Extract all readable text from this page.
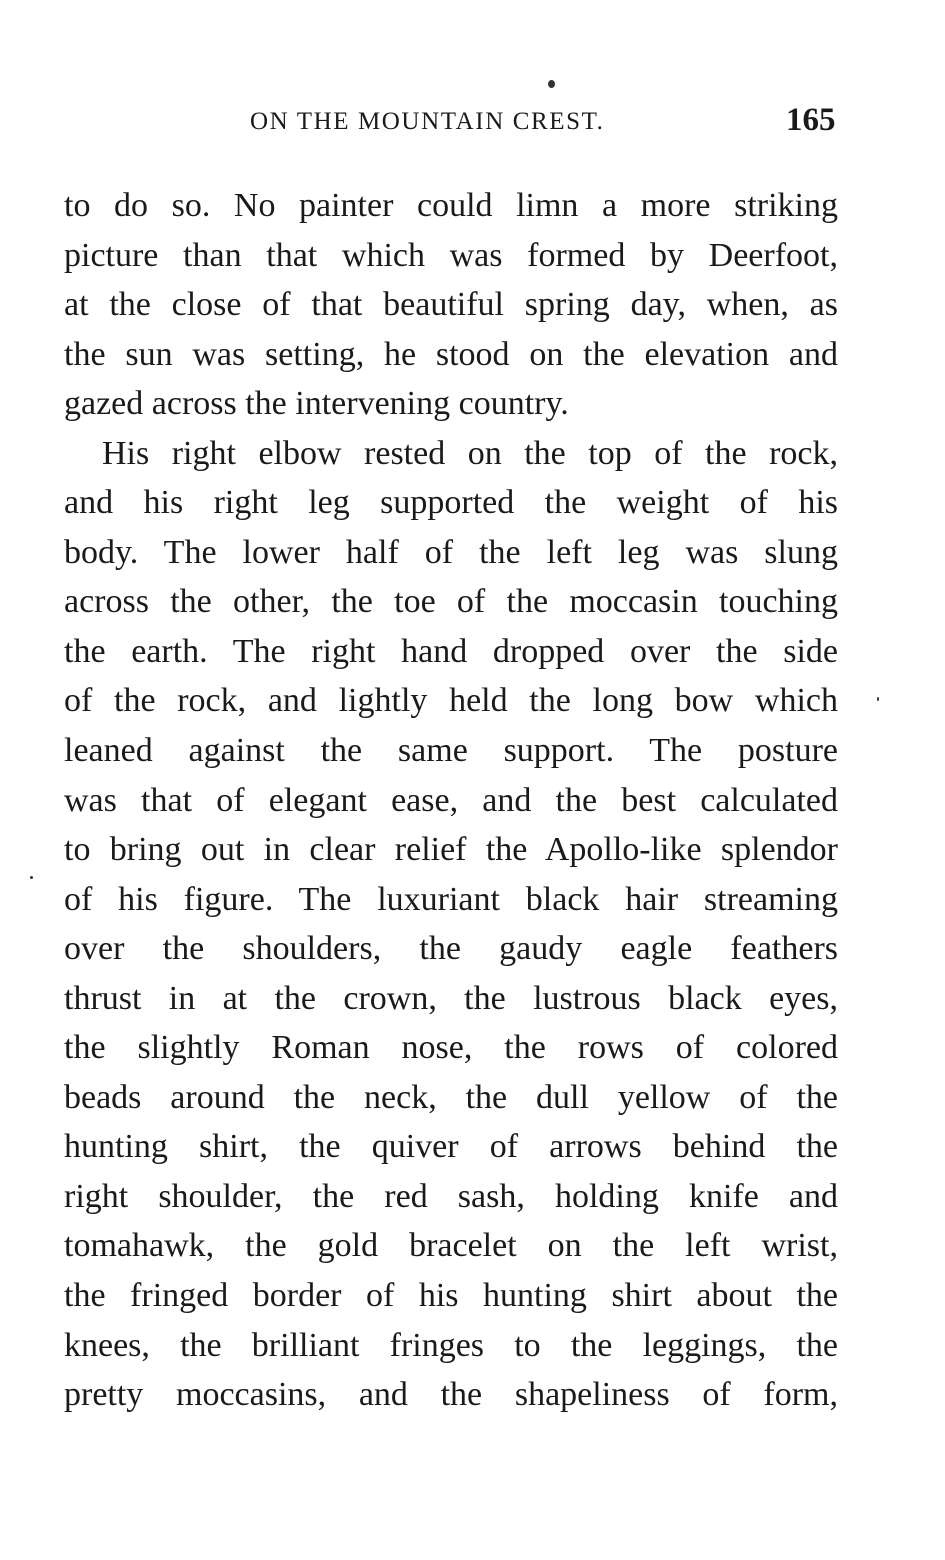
ON THE MOUNTAIN CREST.	165
to do so. No painter could limn a more striking
picture than that which was formed by Deerfoot,
at the close of that beautiful spring day, when, as
the sun was setting, he stood on the elevation and
gazed across the intervening country.
His right elbow rested on the top of the rock,
and his right leg supported the weight of his
body. The lower half of the left leg was slung
across the other, the toe of the moccasin touching
the earth. The right hand dropped over the side
of the rock, and lightly held the long bow which
leaned against the same support. The posture
was that of elegant ease, and the best calculated
to bring out in clear relief the Apollo-like splendor
of his figure. The luxuriant black hair streaming
over the shoulders, the gaudy eagle feathers
thrust in at the crown, the lustrous black eyes,
the slightly Roman nose, the rows of colored
beads around the neck, the dull yellow of the
hunting shirt, the quiver of arrows behind the
right shoulder, the red sash, holding knife and
tomahawk, the gold bracelet on the left wrist,
the fringed border of his hunting shirt about the
knees, the brilliant fringes to the leggings, the
pretty moccasins, and the shapeliness of form,
